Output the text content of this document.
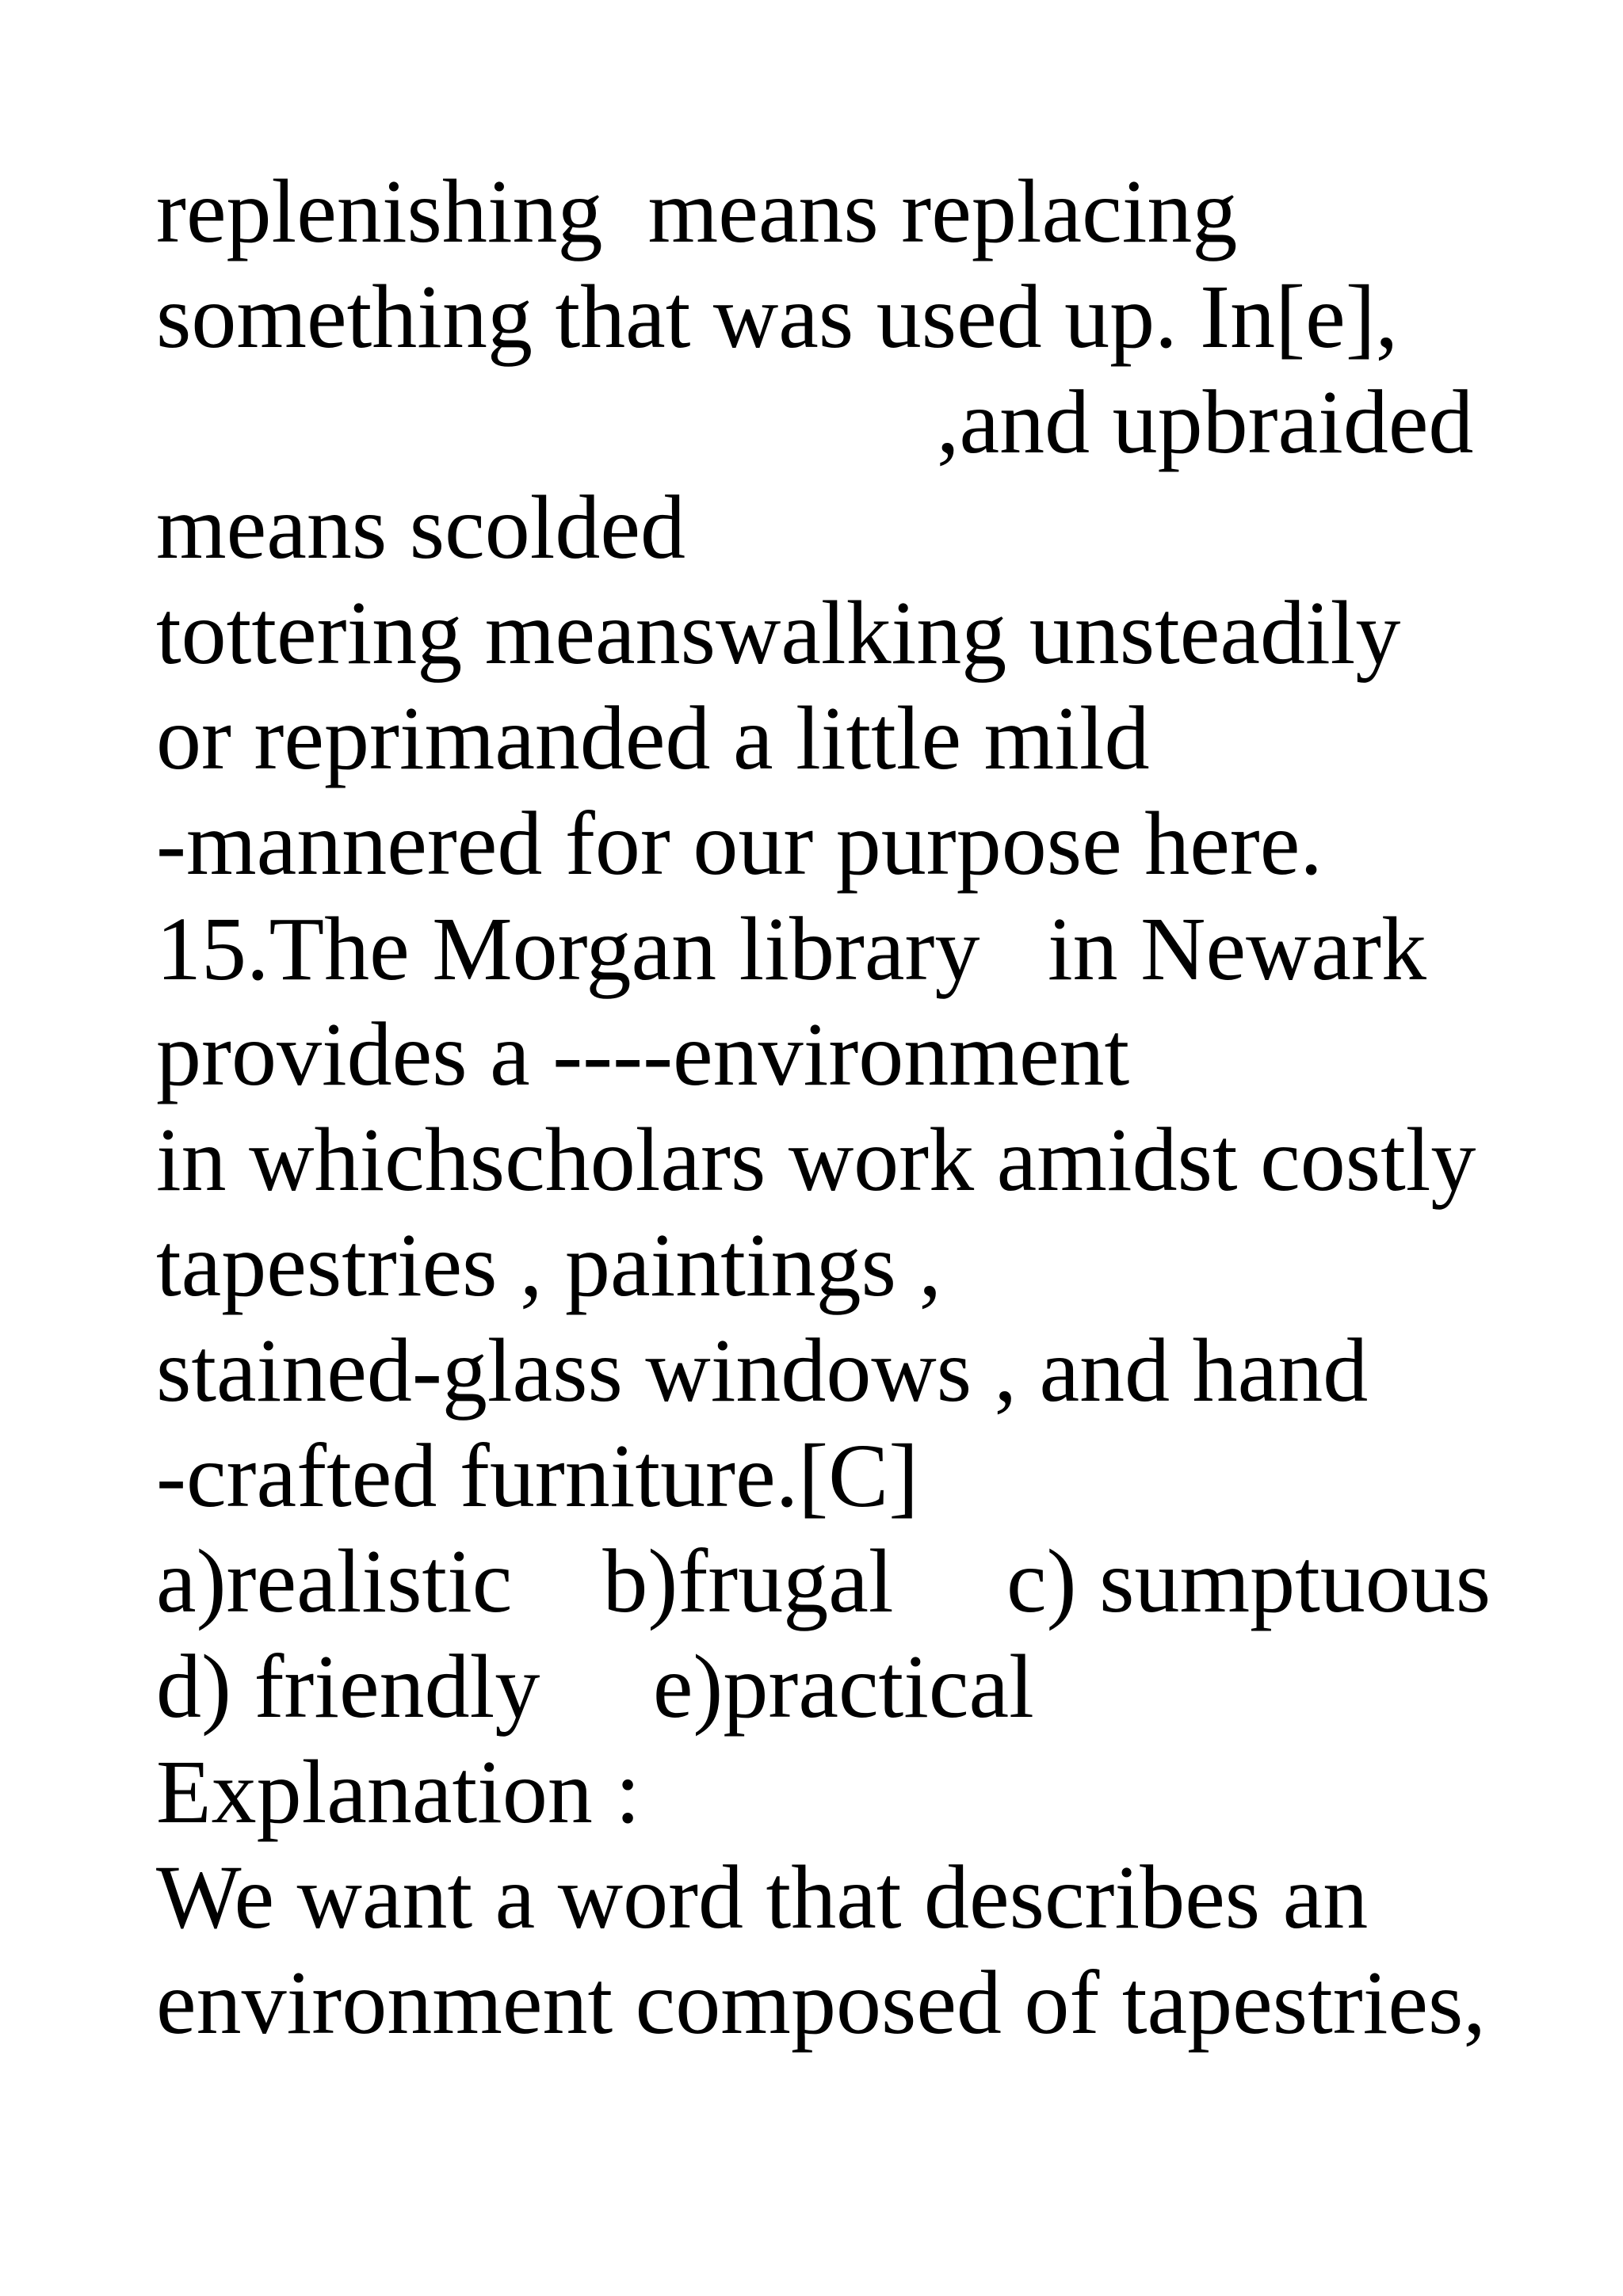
replenishing  means replacing

something that was used up. In[e],

,and upbraided

means scolded

tottering meanswalking unsteadily

or reprimanded a little mild

-mannered for our purpose here.

15.The Morgan library   in Newark

provides a ----environment

in whichscholars work amidst costly

tapestries , paintings ,

stained-glass windows , and hand

-crafted furniture.[C]

a)realistic    b)frugal     c) sumptuous

d) friendly     e)practical

Explanation :

We want a word that describes an

environment composed of tapestries,
